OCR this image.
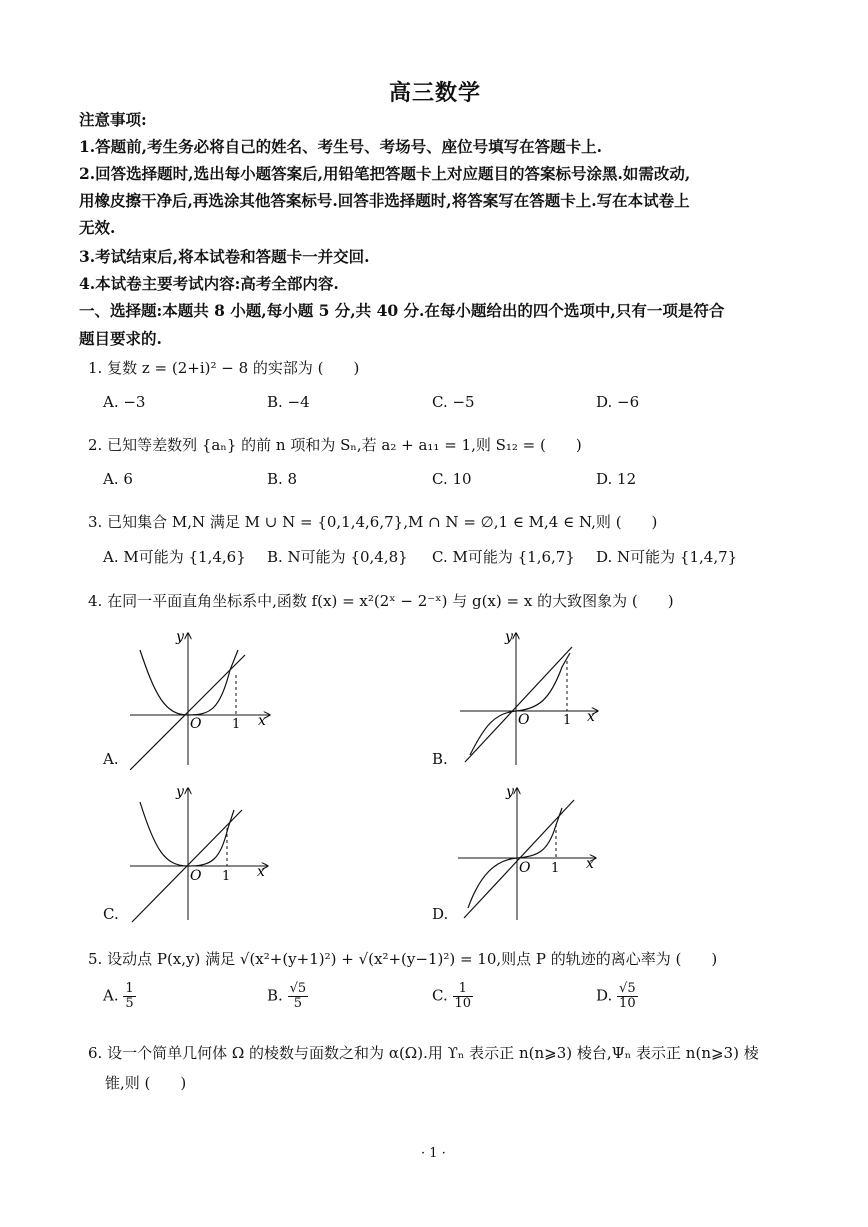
高三数学
注意事项:
1.答题前,考生务必将自己的姓名、考生号、考场号、座位号填写在答题卡上.
2.回答选择题时,选出每小题答案后,用铅笔把答题卡上对应题目的答案标号涂黑.如需改动,
用橡皮擦干净后,再选涂其他答案标号.回答非选择题时,将答案写在答题卡上.写在本试卷上
无效.
3.考试结束后,将本试卷和答题卡一并交回.
4.本试卷主要考试内容:高考全部内容.
一、选择题:本题共 8 小题,每小题 5 分,共 40 分.在每小题给出的四个选项中,只有一项是符合
题目要求的.
1. 复数 z = (2+i)² − 8 的实部为 (　　)
A. −3	B. −4	C. −5	D. −6
2. 已知等差数列 {aₙ} 的前 n 项和为 Sₙ,若 a₂ + a₁₁ = 1,则 S₁₂ = (　　)
A. 6	B. 8	C. 10	D. 12
3. 已知集合 M,N 满足 M ∪ N = {0,1,4,6,7},M ∩ N = ∅,1 ∈ M,4 ∈ N,则 (　　)
A. M可能为 {1,4,6} B. N可能为 {0,4,8} C. M可能为 {1,6,7} D. N可能为 {1,4,7}
4. 在同一平面直角坐标系中,函数 f(x) = x²(2ˣ − 2⁻ˣ) 与 g(x) = x 的大致图象为 (　　)
y
x
O 1
A.
y
x
O	1
B.
y
x
O 1
C.
y
x
O 1
D.
5. 设动点 P(x,y) 满足 √(x²+(y+1)²) + √(x²+(y−1)²) = 10,则点 P 的轨迹的离心率为 (　　)
A. $\frac{1}{5}$	B. $\frac{√5}{5}$	C. $\frac{1}{10}$	D. $\frac{√5}{10}$
6. 设一个简单几何体 Ω 的棱数与面数之和为 α(Ω).用 ϒₙ 表示正 n(n⩾3) 棱台,Ψₙ 表示正 n(n⩾3) 棱
锥,则 (　　)
· 1 ·
